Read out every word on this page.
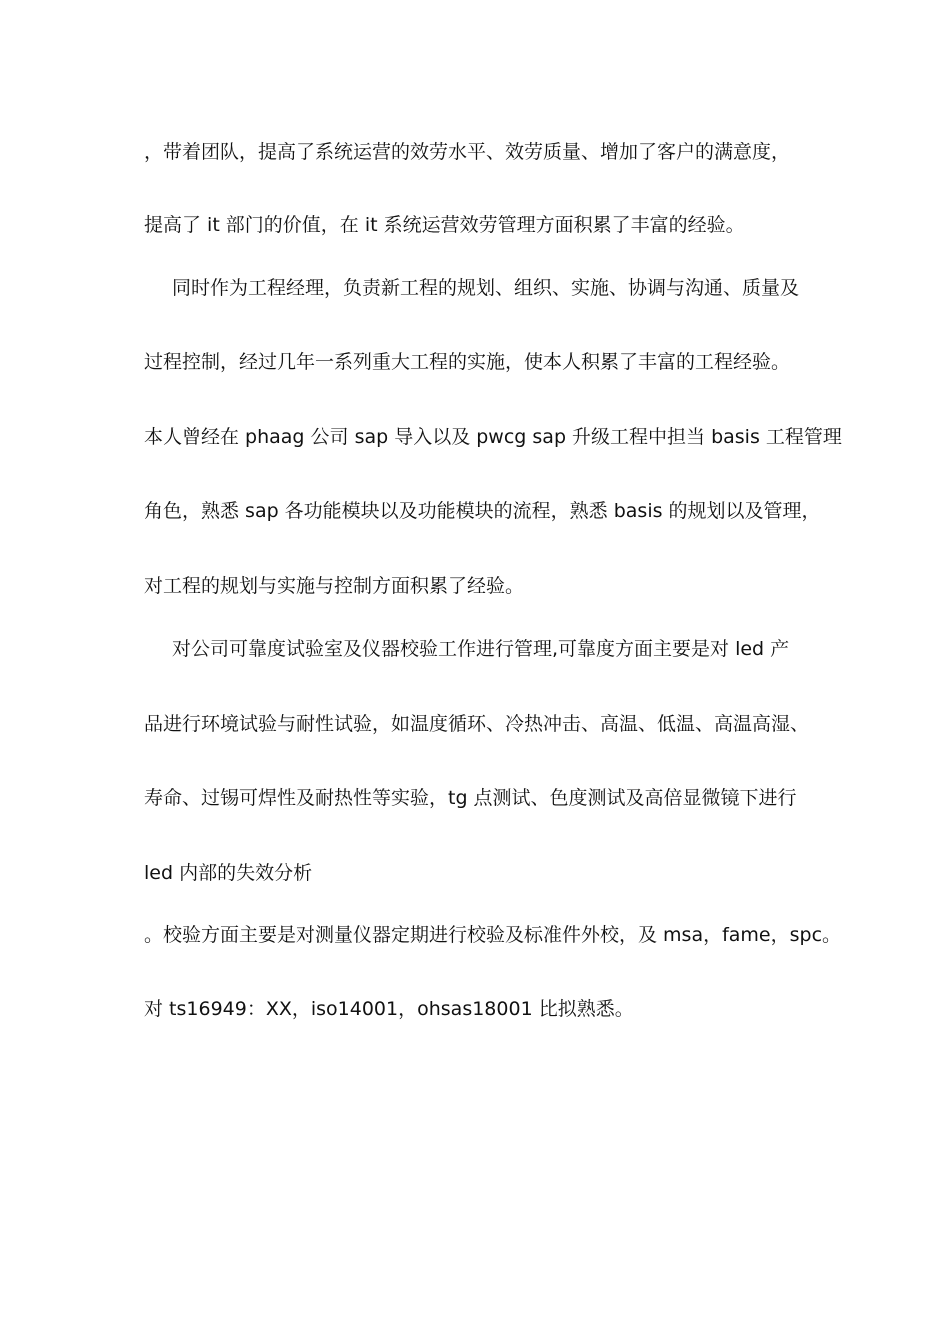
，带着团队，提高了系统运营的效劳水平、效劳质量、增加了客户的满意度，
提高了 it 部门的价值，在 it 系统运营效劳管理方面积累了丰富的经验。
同时作为工程经理，负责新工程的规划、组织、实施、协调与沟通、质量及
过程控制，经过几年一系列重大工程的实施，使本人积累了丰富的工程经验。
本人曾经在 phaag 公司 sap 导入以及 pwcg sap 升级工程中担当 basis 工程管理
角色，熟悉 sap 各功能模块以及功能模块的流程，熟悉 basis 的规划以及管理，
对工程的规划与实施与控制方面积累了经验。
对公司可靠度试验室及仪器校验工作进行管理,可靠度方面主要是对 led 产
品进行环境试验与耐性试验，如温度循环、冷热冲击、高温、低温、高温高湿、
寿命、过锡可焊性及耐热性等实验，tg 点测试、色度测试及高倍显微镜下进行
led 内部的失效分析
。校验方面主要是对测量仪器定期进行校验及标准件外校，及 msa，fame，spc。
对 ts16949：XX，iso14001，ohsas18001 比拟熟悉。
